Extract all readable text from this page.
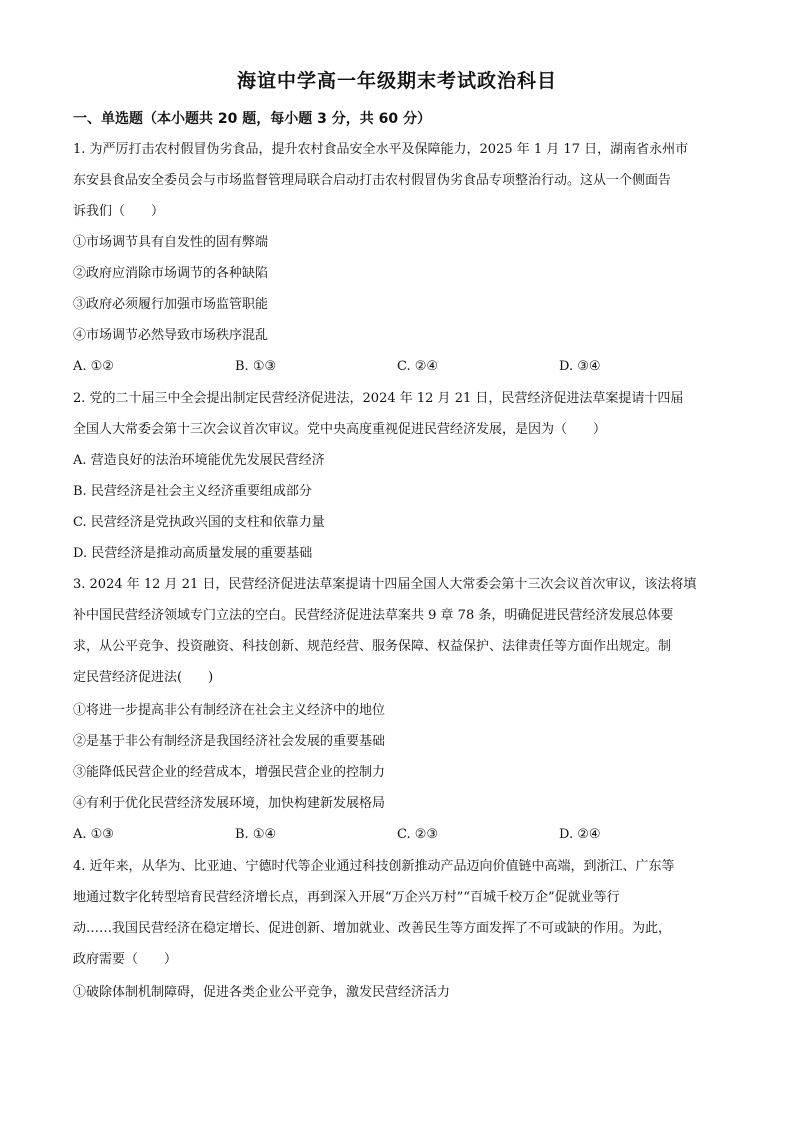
海谊中学高一年级期末考试政治科目
一、单选题（本小题共 20 题，每小题 3 分，共 60 分）
1. 为严厉打击农村假冒伪劣食品，提升农村食品安全水平及保障能力，2025 年 1 月 17 日，湖南省永州市
东安县食品安全委员会与市场监督管理局联合启动打击农村假冒伪劣食品专项整治行动。这从一个侧面告
诉我们（　　）
①市场调节具有自发性的固有弊端
②政府应消除市场调节的各种缺陷
③政府必须履行加强市场监管职能
④市场调节必然导致市场秩序混乱
A. ①②	B. ①③	C. ②④	D. ③④
2. 党的二十届三中全会提出制定民营经济促进法，2024 年 12 月 21 日，民营经济促进法草案提请十四届
全国人大常委会第十三次会议首次审议。党中央高度重视促进民营经济发展，是因为（　　）
A. 营造良好的法治环境能优先发展民营经济
B. 民营经济是社会主义经济重要组成部分
C. 民营经济是党执政兴国的支柱和依靠力量
D. 民营经济是推动高质量发展的重要基础
3. 2024 年 12 月 21 日，民营经济促进法草案提请十四届全国人大常委会第十三次会议首次审议，该法将填
补中国民营经济领域专门立法的空白。民营经济促进法草案共 9 章 78 条，明确促进民营经济发展总体要
求，从公平竞争、投资融资、科技创新、规范经营、服务保障、权益保护、法律责任等方面作出规定。制
定民营经济促进法(　　)
①将进一步提高非公有制经济在社会主义经济中的地位
②是基于非公有制经济是我国经济社会发展的重要基础
③能降低民营企业的经营成本，增强民营企业的控制力
④有利于优化民营经济发展环境，加快构建新发展格局
A. ①③	B. ①④	C. ②③	D. ②④
4. 近年来，从华为、比亚迪、宁德时代等企业通过科技创新推动产品迈向价值链中高端，到浙江、广东等
地通过数字化转型培育民营经济增长点，再到深入开展“万企兴万村”“百城千校万企”促就业等行
动……我国民营经济在稳定增长、促进创新、增加就业、改善民生等方面发挥了不可或缺的作用。为此，
政府需要（　　）
①破除体制机制障碍，促进各类企业公平竞争，激发民营经济活力
